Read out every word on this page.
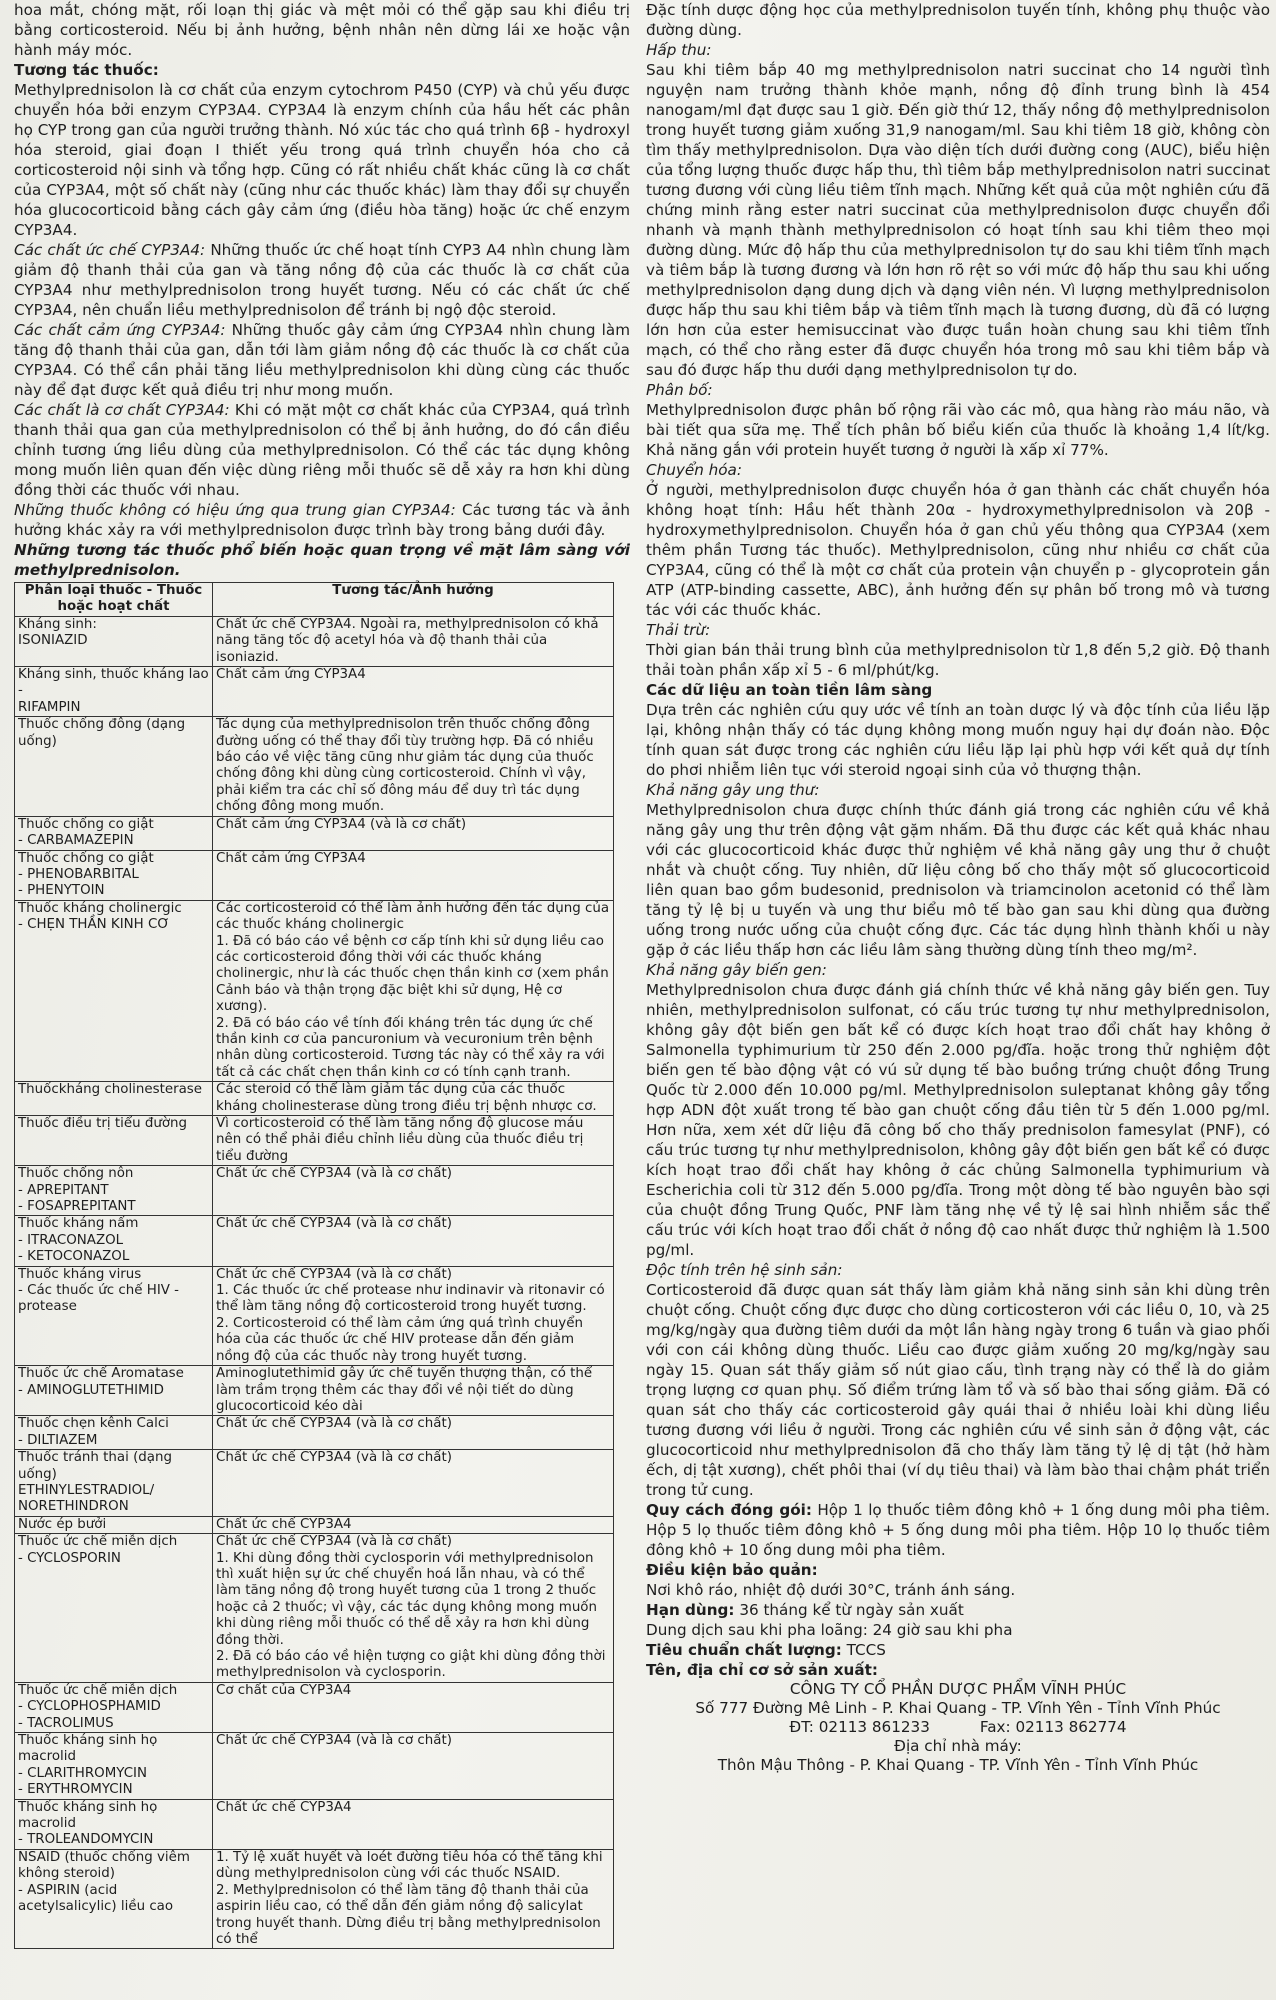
hoa mắt, chóng mặt, rối loạn thị giác và mệt mỏi có thể gặp sau khi điều trị bằng corticosteroid. Nếu bị ảnh hưởng, bệnh nhân nên dừng lái xe hoặc vận hành máy móc.

Tương tác thuốc:

Methylprednisolon là cơ chất của enzym cytochrom P450 (CYP) và chủ yếu được chuyển hóa bởi enzym CYP3A4. CYP3A4 là enzym chính của hầu hết các phân họ CYP trong gan của người trưởng thành. Nó xúc tác cho quá trình 6β - hydroxyl hóa steroid, giai đoạn I thiết yếu trong quá trình chuyển hóa cho cả corticosteroid nội sinh và tổng hợp. Cũng có rất nhiều chất khác cũng là cơ chất của CYP3A4, một số chất này (cũng như các thuốc khác) làm thay đổi sự chuyển hóa glucocorticoid bằng cách gây cảm ứng (điều hòa tăng) hoặc ức chế enzym CYP3A4.

Các chất ức chế CYP3A4: Những thuốc ức chế hoạt tính CYP3 A4 nhìn chung làm giảm độ thanh thải của gan và tăng nồng độ của các thuốc là cơ chất của CYP3A4 như methylprednisolon trong huyết tương. Nếu có các chất ức chế CYP3A4, nên chuẩn liều methylprednisolon để tránh bị ngộ độc steroid.

Các chất cảm ứng CYP3A4: Những thuốc gây cảm ứng CYP3A4 nhìn chung làm tăng độ thanh thải của gan, dẫn tới làm giảm nồng độ các thuốc là cơ chất của CYP3A4. Có thể cần phải tăng liều methylprednisolon khi dùng cùng các thuốc này để đạt được kết quả điều trị như mong muốn.

Các chất là cơ chất CYP3A4: Khi có mặt một cơ chất khác của CYP3A4, quá trình thanh thải qua gan của methylprednisolon có thể bị ảnh hưởng, do đó cần điều chỉnh tương ứng liều dùng của methylprednisolon. Có thể các tác dụng không mong muốn liên quan đến việc dùng riêng mỗi thuốc sẽ dễ xảy ra hơn khi dùng đồng thời các thuốc với nhau.

Những thuốc không có hiệu ứng qua trung gian CYP3A4: Các tương tác và ảnh hưởng khác xảy ra với methylprednisolon được trình bày trong bảng dưới đây.

Những tương tác thuốc phổ biến hoặc quan trọng về mặt lâm sàng với methylprednisolon.

Phân loại thuốc - Thuốc hoặc hoạt chất	Tương tác/Ảnh hưởng

Kháng sinh:
ISONIAZID	Chất ức chế CYP3A4. Ngoài ra, methylprednisolon có khả năng tăng tốc độ acetyl hóa và độ thanh thải của isoniazid.

Kháng sinh, thuốc kháng lao -
RIFAMPIN	Chất cảm ứng CYP3A4

Thuốc chống đông (dạng uống)	Tác dụng của methylprednisolon trên thuốc chống đông đường uống có thể thay đổi tùy trường hợp. Đã có nhiều báo cáo về việc tăng cũng như giảm tác dụng của thuốc chống đông khi dùng cùng corticosteroid. Chính vì vậy, phải kiểm tra các chỉ số đông máu để duy trì tác dụng chống đông mong muốn.

Thuốc chống co giật
- CARBAMAZEPIN	Chất cảm ứng CYP3A4 (và là cơ chất)

Thuốc chống co giật
- PHENOBARBITAL
- PHENYTOIN	Chất cảm ứng CYP3A4

Thuốc kháng cholinergic
- CHẸN THẦN KINH CƠ	Các corticosteroid có thể làm ảnh hưởng đến tác dụng của các thuốc kháng cholinergic
1. Đã có báo cáo về bệnh cơ cấp tính khi sử dụng liều cao các corticosteroid đồng thời với các thuốc kháng cholinergic, như là các thuốc chẹn thần kinh cơ (xem phần Cảnh báo và thận trọng đặc biệt khi sử dụng, Hệ cơ xương).
2. Đã có báo cáo về tính đối kháng trên tác dụng ức chế thần kinh cơ của pancuronium và vecuronium trên bệnh nhân dùng corticosteroid. Tương tác này có thể xảy ra với tất cả các chất chẹn thần kinh cơ có tính cạnh tranh.

Thuốckháng cholinesterase	Các steroid có thể làm giảm tác dụng của các thuốc kháng cholinesterase dùng trong điều trị bệnh nhược cơ.

Thuốc điều trị tiểu đường	Vì corticosteroid có thể làm tăng nồng độ glucose máu nên có thể phải điều chỉnh liều dùng của thuốc điều trị tiểu đường

Thuốc chống nôn
- APREPITANT
- FOSAPREPITANT	Chất ức chế CYP3A4 (và là cơ chất)

Thuốc kháng nấm
- ITRACONAZOL
- KETOCONAZOL	Chất ức chế CYP3A4 (và là cơ chất)

Thuốc kháng virus
- Các thuốc ức chế HIV - protease	Chất ức chế CYP3A4 (và là cơ chất)
1. Các thuốc ức chế protease như indinavir và ritonavir có thể làm tăng nồng độ corticosteroid trong huyết tương.
2. Corticosteroid có thể làm cảm ứng quá trình chuyển hóa của các thuốc ức chế HIV protease dẫn đến giảm nồng độ của các thuốc này trong huyết tương.

Thuốc ức chế Aromatase
- AMINOGLUTETHIMID	Aminoglutethimid gây ức chế tuyến thượng thận, có thể làm trầm trọng thêm các thay đổi về nội tiết do dùng glucocorticoid kéo dài

Thuốc chẹn kênh Calci
- DILTIAZEM	Chất ức chế CYP3A4 (và là cơ chất)

Thuốc tránh thai (dạng uống)
ETHINYLESTRADIOL/
NORETHINDRON	Chất ức chế CYP3A4 (và là cơ chất)

Nước ép bưởi	Chất ức chế CYP3A4

Thuốc ức chế miễn dịch
- CYCLOSPORIN	Chất ức chế CYP3A4 (và là cơ chất)
1. Khi dùng đồng thời cyclosporin với methylprednisolon thì xuất hiện sự ức chế chuyển hoá lẫn nhau, và có thể làm tăng nồng độ trong huyết tương của 1 trong 2 thuốc hoặc cả 2 thuốc; vì vậy, các tác dụng không mong muốn khi dùng riêng mỗi thuốc có thể dễ xảy ra hơn khi dùng đồng thời.
2. Đã có báo cáo về hiện tượng co giật khi dùng đồng thời methylprednisolon và cyclosporin.

Thuốc ức chế miễn dịch
- CYCLOPHOSPHAMID
- TACROLIMUS	Cơ chất của CYP3A4

Thuốc kháng sinh họ macrolid
- CLARITHROMYCIN
- ERYTHROMYCIN	Chất ức chế CYP3A4 (và là cơ chất)

Thuốc kháng sinh họ macrolid
- TROLEANDOMYCIN	Chất ức chế CYP3A4

NSAID (thuốc chống viêm không steroid)
- ASPIRIN (acid acetylsalicylic) liều cao	1. Tỷ lệ xuất huyết và loét đường tiêu hóa có thể tăng khi dùng methylprednisolon cùng với các thuốc NSAID.
2. Methylprednisolon có thể làm tăng độ thanh thải của aspirin liều cao, có thể dẫn đến giảm nồng độ salicylat trong huyết thanh. Dừng điều trị bằng methylprednisolon có thể

Đặc tính dược động học của methylprednisolon tuyến tính, không phụ thuộc vào đường dùng.

Hấp thu:

Sau khi tiêm bắp 40 mg methylprednisolon natri succinat cho 14 người tình nguyện nam trưởng thành khỏe mạnh, nồng độ đỉnh trung bình là 454 nanogam/ml đạt được sau 1 giờ. Đến giờ thứ 12, thấy nồng độ methylprednisolon trong huyết tương giảm xuống 31,9 nanogam/ml. Sau khi tiêm 18 giờ, không còn tìm thấy methylprednisolon. Dựa vào diện tích dưới đường cong (AUC), biểu hiện của tổng lượng thuốc được hấp thu, thì tiêm bắp methylprednisolon natri succinat tương đương với cùng liều tiêm tĩnh mạch. Những kết quả của một nghiên cứu đã chứng minh rằng ester natri succinat của methylprednisolon được chuyển đổi nhanh và mạnh thành methylprednisolon có hoạt tính sau khi tiêm theo mọi đường dùng. Mức độ hấp thu của methylprednisolon tự do sau khi tiêm tĩnh mạch và tiêm bắp là tương đương và lớn hơn rõ rệt so với mức độ hấp thu sau khi uống methylprednisolon dạng dung dịch và dạng viên nén. Vì lượng methylprednisolon được hấp thu sau khi tiêm bắp và tiêm tĩnh mạch là tương đương, dù đã có lượng lớn hơn của ester hemisuccinat vào được tuần hoàn chung sau khi tiêm tĩnh mạch, có thể cho rằng ester đã được chuyển hóa trong mô sau khi tiêm bắp và sau đó được hấp thu dưới dạng methylprednisolon tự do.

Phân bố:

Methylprednisolon được phân bố rộng rãi vào các mô, qua hàng rào máu não, và bài tiết qua sữa mẹ. Thể tích phân bố biểu kiến của thuốc là khoảng 1,4 lít/kg. Khả năng gắn với protein huyết tương ở người là xấp xỉ 77%.

Chuyển hóa:

Ở người, methylprednisolon được chuyển hóa ở gan thành các chất chuyển hóa không hoạt tính: Hầu hết thành 20α - hydroxymethylprednisolon và 20β - hydroxymethylprednisolon. Chuyển hóa ở gan chủ yếu thông qua CYP3A4 (xem thêm phần Tương tác thuốc). Methylprednisolon, cũng như nhiều cơ chất của CYP3A4, cũng có thể là một cơ chất của protein vận chuyển p - glycoprotein gắn ATP (ATP-binding cassette, ABC), ảnh hưởng đến sự phân bố trong mô và tương tác với các thuốc khác.

Thải trừ:

Thời gian bán thải trung bình của methylprednisolon từ 1,8 đến 5,2 giờ. Độ thanh thải toàn phần xấp xỉ 5 - 6 ml/phút/kg.

Các dữ liệu an toàn tiền lâm sàng

Dựa trên các nghiên cứu quy ước về tính an toàn dược lý và độc tính của liều lặp lại, không nhận thấy có tác dụng không mong muốn nguy hại dự đoán nào. Độc tính quan sát được trong các nghiên cứu liều lặp lại phù hợp với kết quả dự tính do phơi nhiễm liên tục với steroid ngoại sinh của vỏ thượng thận.

Khả năng gây ung thư:

Methylprednisolon chưa được chính thức đánh giá trong các nghiên cứu về khả năng gây ung thư trên động vật gặm nhấm. Đã thu được các kết quả khác nhau với các glucocorticoid khác được thử nghiệm về khả năng gây ung thư ở chuột nhắt và chuột cống. Tuy nhiên, dữ liệu công bố cho thấy một số glucocorticoid liên quan bao gồm budesonid, prednisolon và triamcinolon acetonid có thể làm tăng tỷ lệ bị u tuyến và ung thư biểu mô tế bào gan sau khi dùng qua đường uống trong nước uống của chuột cống đực. Các tác dụng hình thành khối u này gặp ở các liều thấp hơn các liều lâm sàng thường dùng tính theo mg/m².

Khả năng gây biến gen:

Methylprednisolon chưa được đánh giá chính thức về khả năng gây biến gen. Tuy nhiên, methylprednisolon sulfonat, có cấu trúc tương tự như methylprednisolon, không gây đột biến gen bất kể có được kích hoạt trao đổi chất hay không ở Salmonella typhimurium từ 250 đến 2.000 pg/đĩa. hoặc trong thử nghiệm đột biến gen tế bào động vật có vú sử dụng tế bào buồng trứng chuột đồng Trung Quốc từ 2.000 đến 10.000 pg/ml. Methylprednisolon suleptanat không gây tổng hợp ADN đột xuất trong tế bào gan chuột cống đầu tiên từ 5 đến 1.000 pg/ml. Hơn nữa, xem xét dữ liệu đã công bố cho thấy prednisolon famesylat (PNF), có cấu trúc tương tự như methylprednisolon, không gây đột biến gen bất kể có được kích hoạt trao đổi chất hay không ở các chủng Salmonella typhimurium và Escherichia coli từ 312 đến 5.000 pg/đĩa. Trong một dòng tế bào nguyên bào sợi của chuột đồng Trung Quốc, PNF làm tăng nhẹ về tỷ lệ sai hình nhiễm sắc thể cấu trúc với kích hoạt trao đổi chất ở nồng độ cao nhất được thử nghiệm là 1.500 pg/ml.

Độc tính trên hệ sinh sản:

Corticosteroid đã được quan sát thấy làm giảm khả năng sinh sản khi dùng trên chuột cống. Chuột cống đực được cho dùng corticosteron với các liều 0, 10, và 25 mg/kg/ngày qua đường tiêm dưới da một lần hàng ngày trong 6 tuần và giao phối với con cái không dùng thuốc. Liều cao được giảm xuống 20 mg/kg/ngày sau ngày 15. Quan sát thấy giảm số nút giao cấu, tình trạng này có thể là do giảm trọng lượng cơ quan phụ. Số điểm trứng làm tổ và số bào thai sống giảm. Đã có quan sát cho thấy các corticosteroid gây quái thai ở nhiều loài khi dùng liều tương đương với liều ở người. Trong các nghiên cứu về sinh sản ở động vật, các glucocorticoid như methylprednisolon đã cho thấy làm tăng tỷ lệ dị tật (hở hàm ếch, dị tật xương), chết phôi thai (ví dụ tiêu thai) và làm bào thai chậm phát triển trong tử cung.

Quy cách đóng gói: Hộp 1 lọ thuốc tiêm đông khô + 1 ống dung môi pha tiêm. Hộp 5 lọ thuốc tiêm đông khô + 5 ống dung môi pha tiêm. Hộp 10 lọ thuốc tiêm đông khô + 10 ống dung môi pha tiêm.

Điều kiện bảo quản:

Nơi khô ráo, nhiệt độ dưới 30°C, tránh ánh sáng.

Hạn dùng: 36 tháng kể từ ngày sản xuất

Dung dịch sau khi pha loãng: 24 giờ sau khi pha

Tiêu chuẩn chất lượng: TCCS

Tên, địa chỉ cơ sở sản xuất:

CÔNG TY CỔ PHẦN DƯỢC PHẨM VĨNH PHÚC

Số 777 Đường Mê Linh - P. Khai Quang - TP. Vĩnh Yên - Tỉnh Vĩnh Phúc

ĐT: 02113 861233	Fax: 02113 862774

Địa chỉ nhà máy:

Thôn Mậu Thông - P. Khai Quang - TP. Vĩnh Yên - Tỉnh Vĩnh Phúc
